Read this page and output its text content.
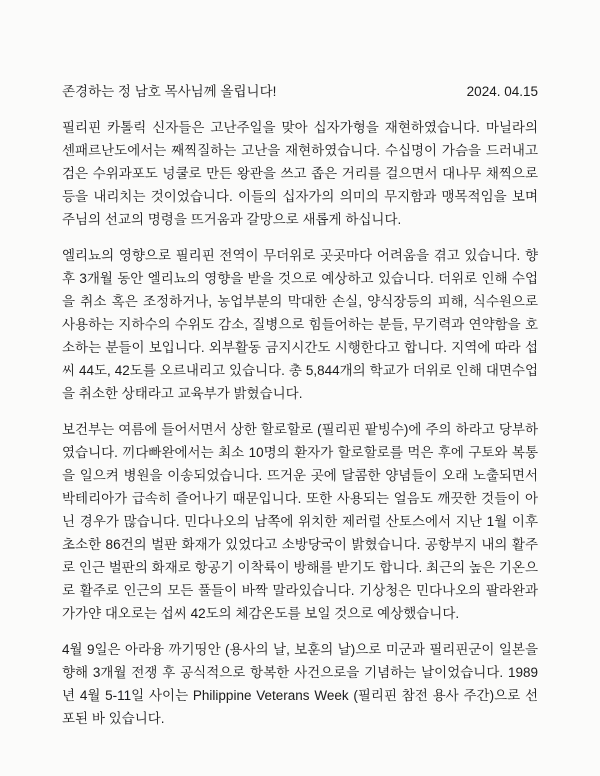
존경하는 정 남호 목사님께 올립니다!	2024. 04.15

필리핀 카톨릭 신자들은 고난주일을 맞아 십자가형을 재현하였습니다. 마닐라의 센패르난도에서는 째찍질하는 고난을 재현하였습니다. 수십명이 가슴을 드러내고 검은 수위과포도 넝쿨로 만든 왕관을 쓰고 좁은 거리를 걸으면서 대나무 채찍으로 등을 내리치는 것이었습니다. 이들의 십자가의 의미의 무지함과 맹목적임을 보며 주님의 선교의 명령을 뜨거움과 갈망으로 새롭게 하십니다.

엘리뇨의 영향으로 필리핀 전역이 무더위로 곳곳마다 어려움을 겪고 있습니다. 향후 3개월 동안 엘리뇨의 영향을 받을 것으로 예상하고 있습니다. 더위로 인해 수업을 취소 혹은 조정하거나, 농업부분의 막대한 손실, 양식장등의 피해, 식수원으로 사용하는 지하수의 수위도 감소, 질병으로 힘들어하는 분들, 무기력과 연약함을 호소하는 분들이 보입니다. 외부활동 금지시간도 시행한다고 합니다. 지역에 따라 섭씨 44도, 42도를 오르내리고 있습니다. 총 5,844개의 학교가 더위로 인해 대면수업을 취소한 상태라고 교육부가 밝혔습니다.

보건부는 여름에 들어서면서 상한 할로할로 (필리핀 팥빙수)에 주의 하라고 당부하였습니다. 끼다빠완에서는 최소 10명의 환자가 할로할로를 먹은 후에 구토와 복통을 일으켜 병원을 이송되었습니다. 뜨거운 곳에 달콤한 양념들이 오래 노출되면서 박테리아가 급속히 즐어나기 때문입니다. 또한 사용되는 얼음도 깨끗한 것들이 아닌 경우가 많습니다. 민다나오의 남쪽에 위치한 제러럴 산토스에서 지난 1월 이후 초소한 86건의 벌판 화재가 있었다고 소방당국이 밝혔습니다. 공항부지 내의 활주로 인근 벌판의 화재로 항공기 이착륙이 방해를 받기도 합니다. 최근의 높은 기온으로 활주로 인근의 모든 풀들이 바짝 말라있습니다. 기상청은 민다나오의 팔라완과 가가얀 대오로는 섭씨 42도의 체감온도를 보일 것으로 예상했습니다.

4월 9일은 아라융 까기띵안 (용사의 날, 보훈의 날)으로 미군과 필리핀군이 일본을 향해 3개월 전쟁 후 공식적으로 항복한 사건으로을 기념하는 날이었습니다. 1989년 4월 5-11일 사이는 Philippine Veterans Week (필리핀 참전 용사 주간)으로 선포된 바 있습니다.
